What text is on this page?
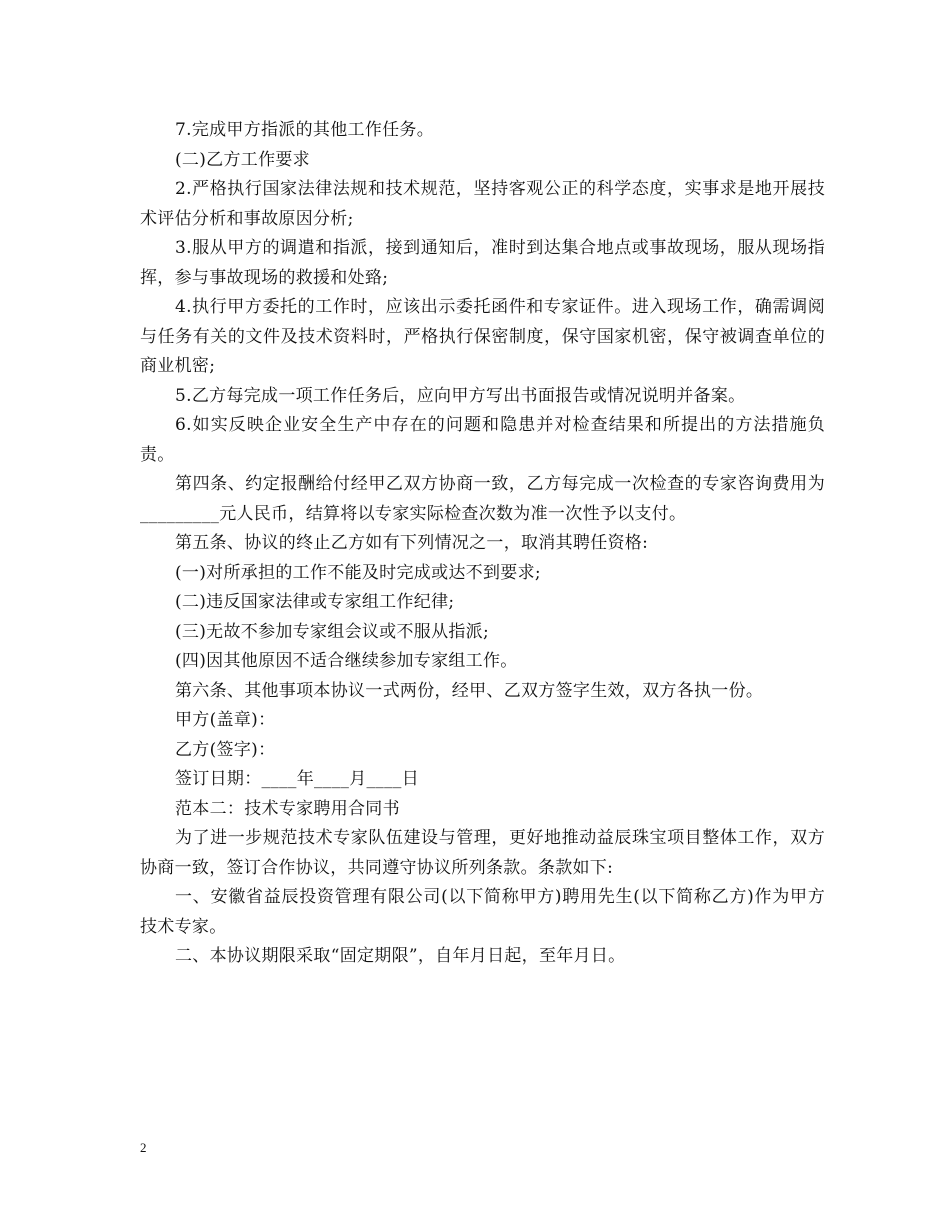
7.完成甲方指派的其他工作任务。

(二)乙方工作要求

2.严格执行国家法律法规和技术规范，坚持客观公正的科学态度，实事求是地开展技术评估分析和事故原因分析;

3.服从甲方的调遣和指派，接到通知后，准时到达集合地点或事故现场，服从现场指挥，参与事故现场的救援和处臵;

4.执行甲方委托的工作时，应该出示委托函件和专家证件。进入现场工作，确需调阅与任务有关的文件及技术资料时，严格执行保密制度，保守国家机密，保守被调查单位的商业机密;

5.乙方每完成一项工作任务后，应向甲方写出书面报告或情况说明并备案。

6.如实反映企业安全生产中存在的问题和隐患并对检查结果和所提出的方法措施负责。

第四条、约定报酬给付经甲乙双方协商一致，乙方每完成一次检查的专家咨询费用为_________元人民币，结算将以专家实际检查次数为准一次性予以支付。

第五条、协议的终止乙方如有下列情况之一，取消其聘任资格:

(一)对所承担的工作不能及时完成或达不到要求;

(二)违反国家法律或专家组工作纪律;

(三)无故不参加专家组会议或不服从指派;

(四)因其他原因不适合继续参加专家组工作。

第六条、其他事项本协议一式两份，经甲、乙双方签字生效，双方各执一份。

甲方(盖章)：

乙方(签字)：

签订日期：____年____月____日

范本二：技术专家聘用合同书

为了进一步规范技术专家队伍建设与管理，更好地推动益辰珠宝项目整体工作，双方协商一致，签订合作协议，共同遵守协议所列条款。条款如下:

一、安徽省益辰投资管理有限公司(以下简称甲方)聘用先生(以下简称乙方)作为甲方技术专家。

二、本协议期限采取“固定期限”，自年月日起，至年月日。

2
